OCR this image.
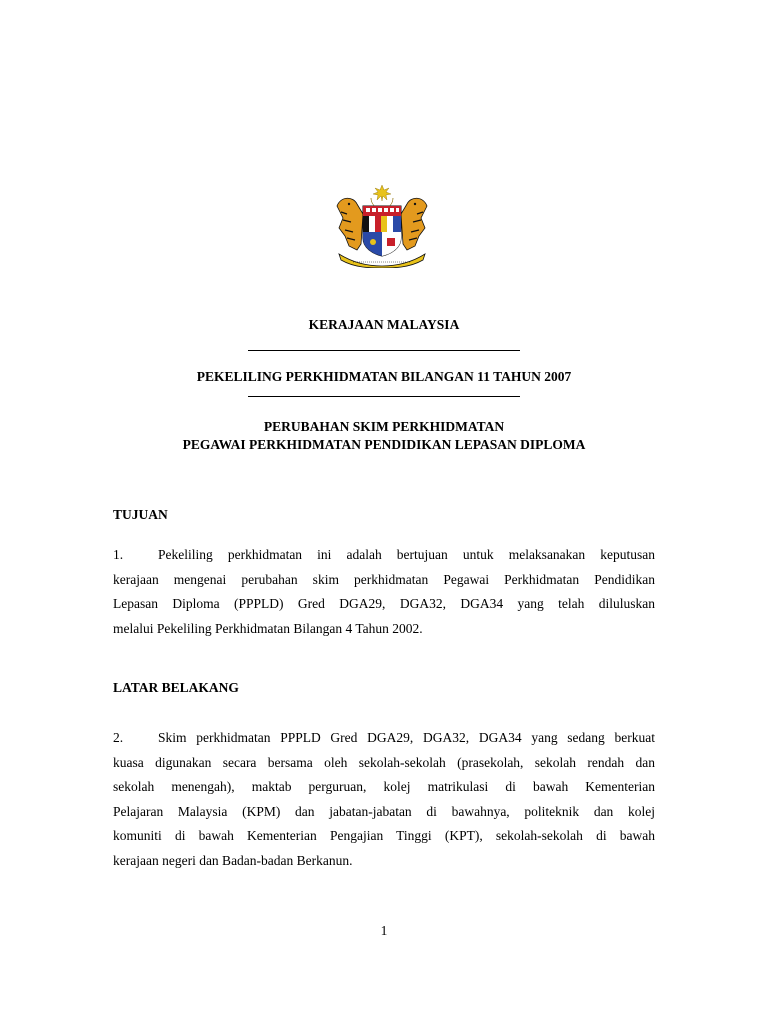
KERAJAAN MALAYSIA
PEKELILING PERKHIDMATAN BILANGAN 11 TAHUN 2007
PERUBAHAN SKIM PERKHIDMATAN
PEGAWAI PERKHIDMATAN PENDIDIKAN LEPASAN DIPLOMA
TUJUAN
1.	Pekeliling perkhidmatan ini adalah bertujuan untuk melaksanakan keputusan
kerajaan mengenai perubahan skim perkhidmatan Pegawai Perkhidmatan Pendidikan
Lepasan Diploma (PPPLD) Gred DGA29, DGA32, DGA34 yang telah diluluskan
melalui Pekeliling Perkhidmatan Bilangan 4 Tahun 2002.
LATAR BELAKANG
2.	Skim perkhidmatan PPPLD Gred DGA29, DGA32, DGA34 yang sedang berkuat
kuasa digunakan secara bersama oleh sekolah-sekolah (prasekolah, sekolah rendah dan
sekolah menengah), maktab perguruan, kolej matrikulasi di bawah Kementerian
Pelajaran Malaysia (KPM) dan jabatan-jabatan di bawahnya, politeknik dan kolej
komuniti di bawah Kementerian Pengajian Tinggi (KPT), sekolah-sekolah di bawah
kerajaan negeri dan Badan-badan Berkanun.
1
